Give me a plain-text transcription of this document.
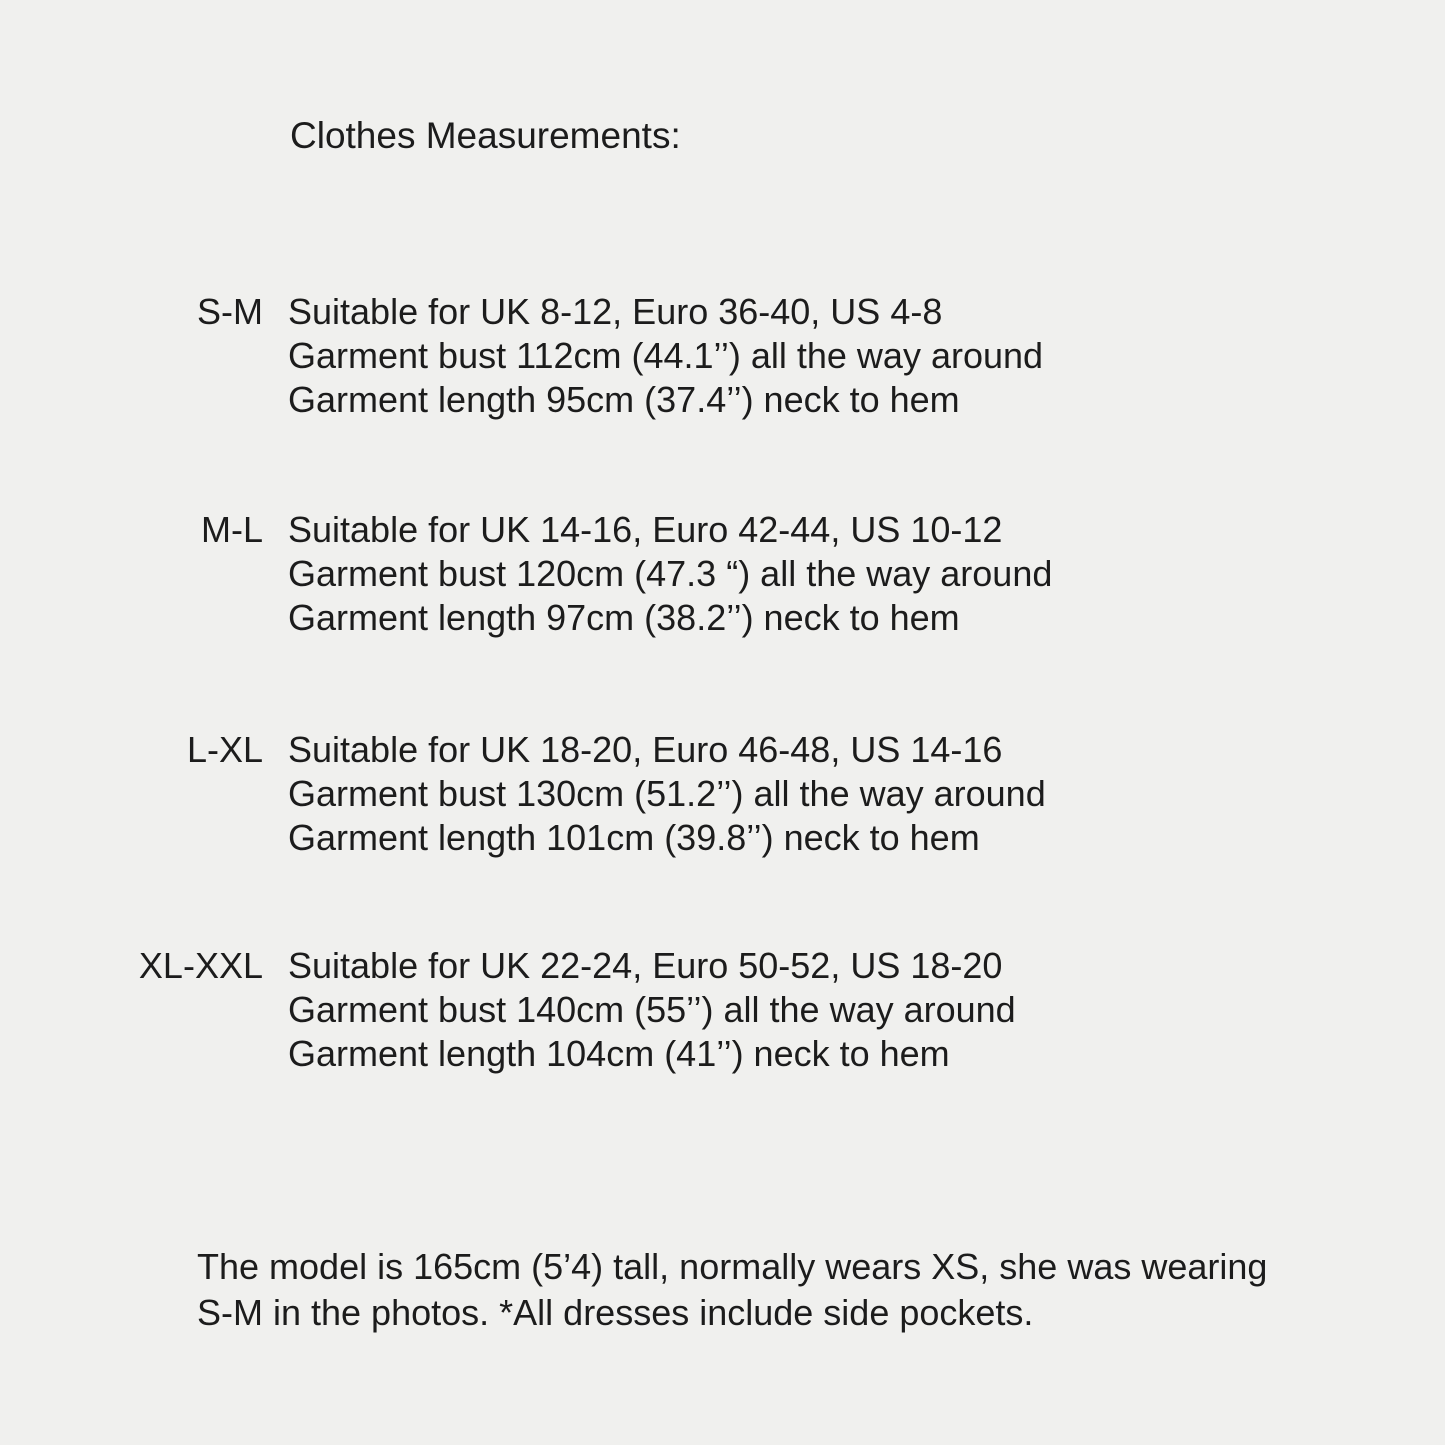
Clothes Measurements:
S-M Suitable for UK 8-12, Euro 36-40, US 4-8
Garment bust 112cm (44.1’’) all the way around
Garment length 95cm (37.4’’) neck to hem
M-L Suitable for UK 14-16, Euro 42-44, US 10-12
Garment bust 120cm (47.3 “) all the way around
Garment length 97cm (38.2’’) neck to hem
L-XL Suitable for UK 18-20, Euro 46-48, US 14-16
Garment bust 130cm (51.2’’) all the way around
Garment length 101cm (39.8’’) neck to hem
XL-XXL Suitable for UK 22-24, Euro 50-52, US 18-20
Garment bust 140cm (55’’) all the way around
Garment length 104cm (41’’) neck to hem
The model is 165cm (5’4) tall, normally wears XS, she was wearing
S-M in the photos. *All dresses include side pockets.
